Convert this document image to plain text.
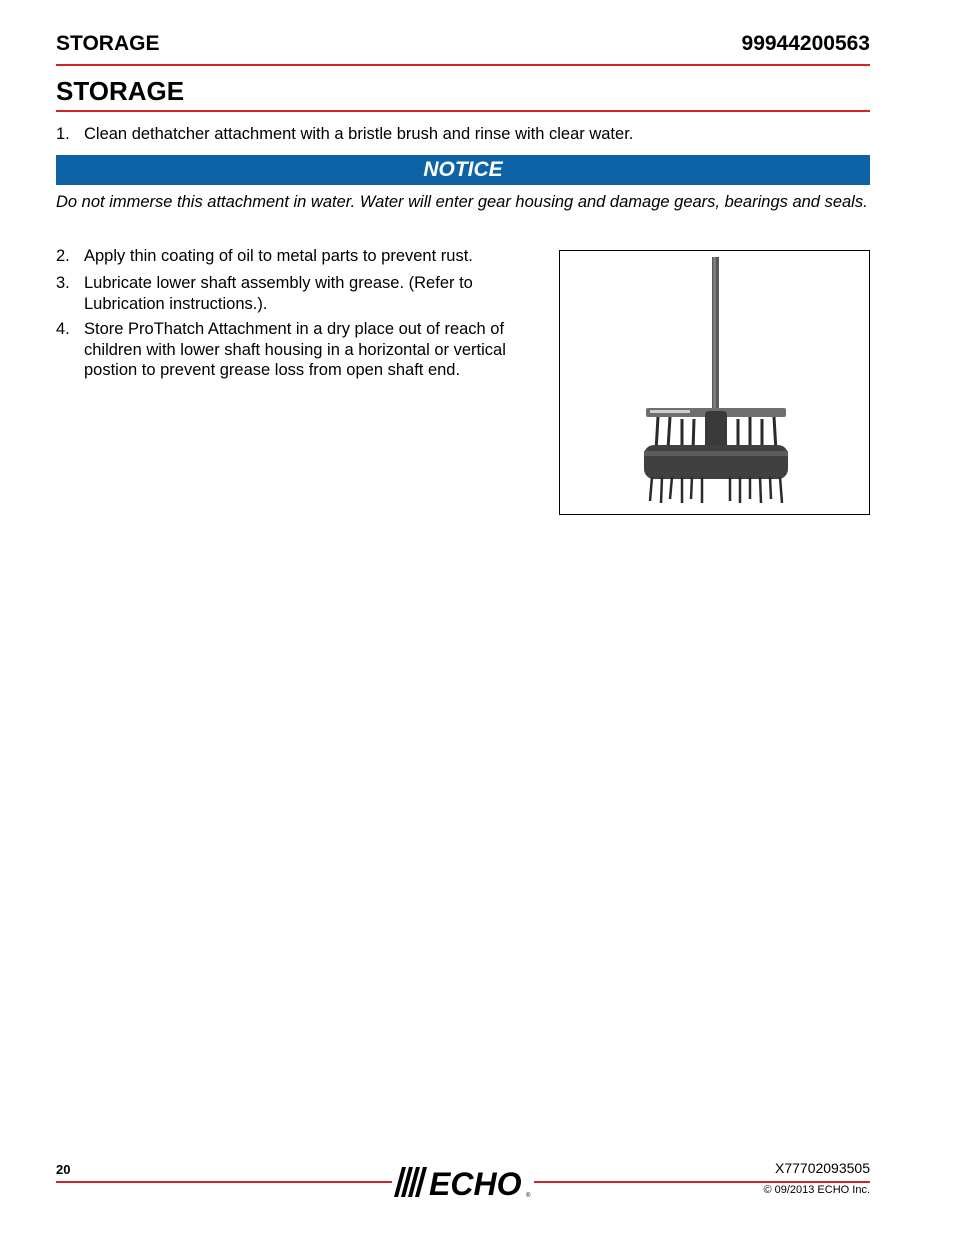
STORAGE	99944200563
STORAGE
1. Clean dethatcher attachment with a bristle brush and rinse with clear water.
NOTICE
Do not immerse this attachment in water. Water will enter gear housing and damage gears, bearings and seals.
2. Apply thin coating of oil to metal parts to prevent rust.
3. Lubricate lower shaft assembly with grease. (Refer to Lubrication instructions.).
4. Store ProThatch Attachment in a dry place out of reach of children with lower shaft housing in a horizontal or vertical postion to prevent grease loss from open shaft end.
20	ECHO ®
X77702093505
© 09/2013 ECHO Inc.
